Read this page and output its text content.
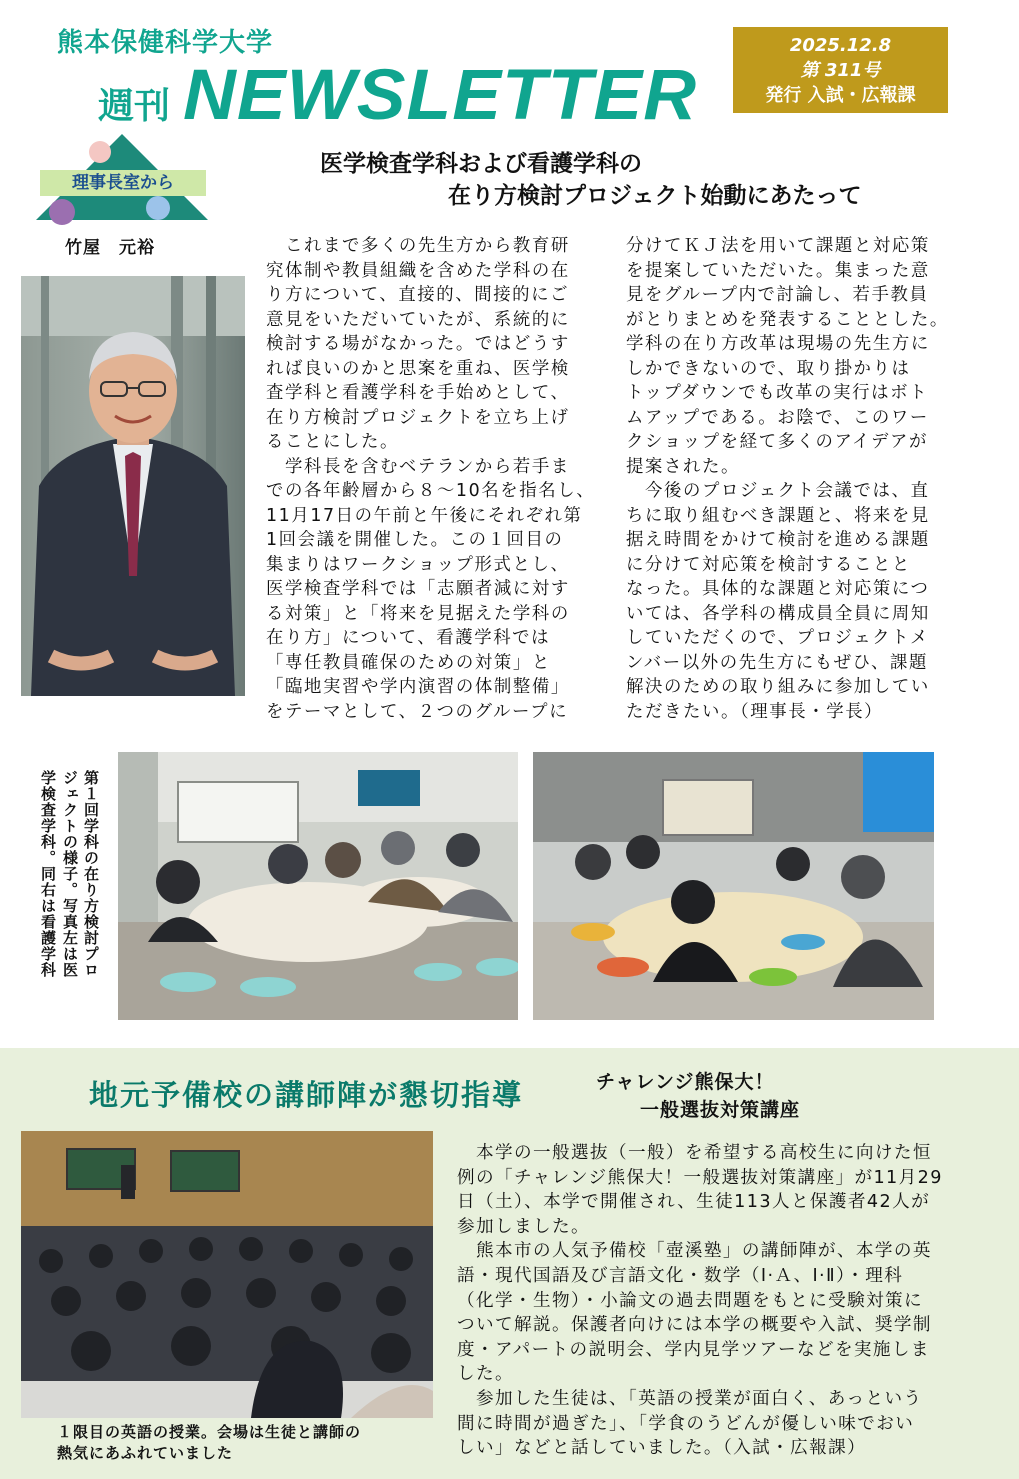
熊本保健科学大学
週刊 NEWSLETTER
2025.12.8
第 311号
発行 入試・広報課
理事長室から
竹屋　元裕
医学検査学科および看護学科の
在り方検討プロジェクト始動にあたって

　これまで多くの先生方から教育研

究体制や教員組織を含めた学科の在

り方について、直接的、間接的にご

意見をいただいていたが、系統的に

検討する場がなかった。ではどうす

れば良いのかと思案を重ね、医学検

査学科と看護学科を手始めとして、

在り方検討プロジェクトを立ち上げ

ることにした。

　学科長を含むベテランから若手ま

での各年齢層から８～10名を指名し、

11月17日の午前と午後にそれぞれ第

1回会議を開催した。この１回目の

集まりはワークショップ形式とし、

医学検査学科では「志願者減に対す

る対策」と「将来を見据えた学科の

在り方」について、看護学科では

「専任教員確保のための対策」と

「臨地実習や学内演習の体制整備」

をテーマとして、２つのグループに

分けてＫＪ法を用いて課題と対応策

を提案していただいた。集まった意

見をグループ内で討論し、若手教員

がとりまとめを発表することとした。

学科の在り方改革は現場の先生方に

しかできないので、取り掛かりは

トップダウンでも改革の実行はボト

ムアップである。お陰で、このワー

クショップを経て多くのアイデアが

提案された。

　今後のプロジェクト会議では、直

ちに取り組むべき課題と、将来を見

据え時間をかけて検討を進める課題

に分けて対応策を検討することと

なった。具体的な課題と対応策につ

いては、各学科の構成員全員に周知

していただくので、プロジェクトメ

ンバー以外の先生方にもぜひ、課題

解決のための取り組みに参加してい

ただきたい。（理事長・学長）

第１回学科の在り方検討プロ
ジェクトの様子。写真左は医
学検査学科。同右は看護学科
地元予備校の講師陣が懇切指導	チャレンジ熊保大！
一般選抜対策講座
１限目の英語の授業。会場は生徒と講師の
熱気にあふれていました

　本学の一般選抜（一般）を希望する高校生に向けた恒

例の「チャレンジ熊保大！一般選抜対策講座」が11月29

日（土）、本学で開催され、生徒113人と保護者42人が

参加しました。

　熊本市の人気予備校「壺溪塾」の講師陣が、本学の英

語・現代国語及び言語文化・数学（Ⅰ·Ａ、Ⅰ·Ⅱ）・理科

（化学・生物）・小論文の過去問題をもとに受験対策に

ついて解説。保護者向けには本学の概要や入試、奨学制

度・アパートの説明会、学内見学ツアーなどを実施しま

した。

　参加した生徒は、「英語の授業が面白く、あっという

間に時間が過ぎた」、「学食のうどんが優しい味でおい

しい」などと話していました。（入試・広報課）
